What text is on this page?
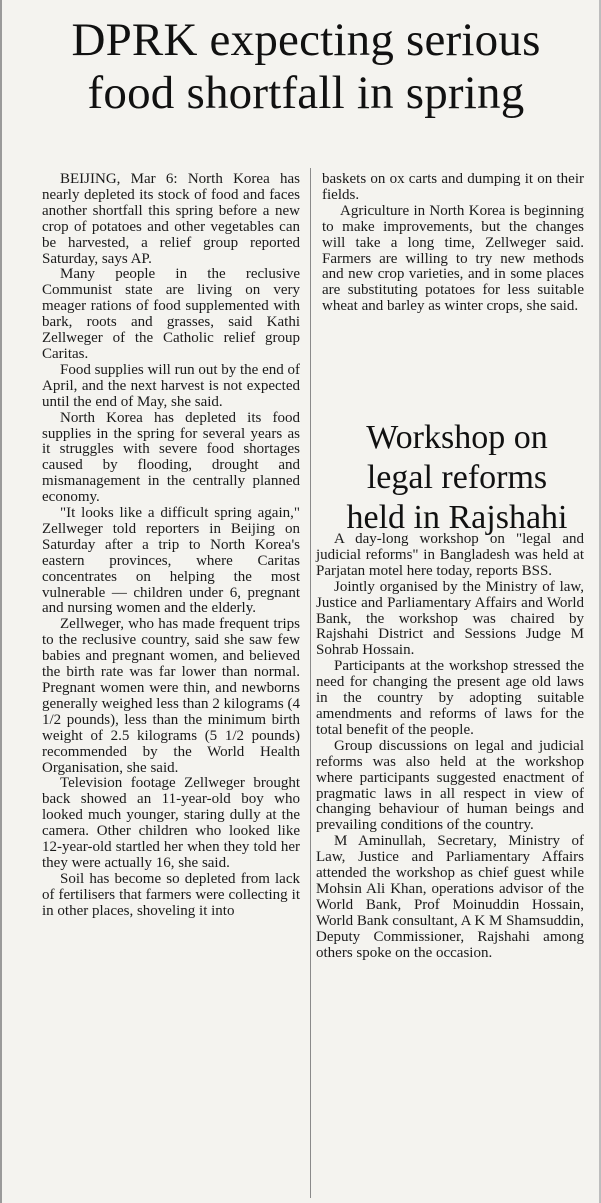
DPRK expecting serious
food shortfall in spring

BEIJING, Mar 6: North Korea has nearly depleted its stock of food and faces another shortfall this spring before a new crop of potatoes and other vegetables can be harvested, a relief group reported Saturday, says AP.

Many people in the reclusive Communist state are living on very meager rations of food supplemented with bark, roots and grasses, said Kathi Zellweger of the Catholic relief group Caritas.

Food supplies will run out by the end of April, and the next harvest is not expected until the end of May, she said.

North Korea has depleted its food supplies in the spring for several years as it struggles with severe food shortages caused by flooding, drought and mismanagement in the centrally planned economy.

"It looks like a difficult spring again," Zellweger told reporters in Beijing on Saturday after a trip to North Korea's eastern provinces, where Caritas concentrates on helping the most vulnerable — children under 6, pregnant and nursing women and the elderly.

Zellweger, who has made frequent trips to the reclusive country, said she saw few babies and pregnant women, and believed the birth rate was far lower than normal. Pregnant women were thin, and newborns generally weighed less than 2 kilograms (4 1/2 pounds), less than the minimum birth weight of 2.5 kilograms (5 1/2 pounds) recommended by the World Health Organisation, she said.

Television footage Zellweger brought back showed an 11-year-old boy who looked much younger, staring dully at the camera. Other children who looked like 12-year-old startled her when they told her they were actually 16, she said.

Soil has become so depleted from lack of fertilisers that farmers were collecting it in other places, shoveling it into

baskets on ox carts and dumping it on their fields.

Agriculture in North Korea is beginning to make improvements, but the changes will take a long time, Zellweger said. Farmers are willing to try new methods and new crop varieties, and in some places are substituting potatoes for less suitable wheat and barley as winter crops, she said.

Workshop on
legal reforms
held in Rajshahi

A day-long workshop on "legal and judicial reforms" in Bangladesh was held at Parjatan motel here today, reports BSS.

Jointly organised by the Ministry of law, Justice and Parliamentary Affairs and World Bank, the workshop was chaired by Rajshahi District and Sessions Judge M Sohrab Hossain.

Participants at the workshop stressed the need for changing the present age old laws in the country by adopting suitable amendments and reforms of laws for the total benefit of the people.

Group discussions on legal and judicial reforms was also held at the workshop where participants suggested enactment of pragmatic laws in all respect in view of changing behaviour of human beings and prevailing conditions of the country.

M Aminullah, Secretary, Ministry of Law, Justice and Parliamentary Affairs attended the workshop as chief guest while Mohsin Ali Khan, operations advisor of the World Bank, Prof Moinuddin Hossain, World Bank consultant, A K M Shamsuddin, Deputy Commissioner, Rajshahi among others spoke on the occasion.
